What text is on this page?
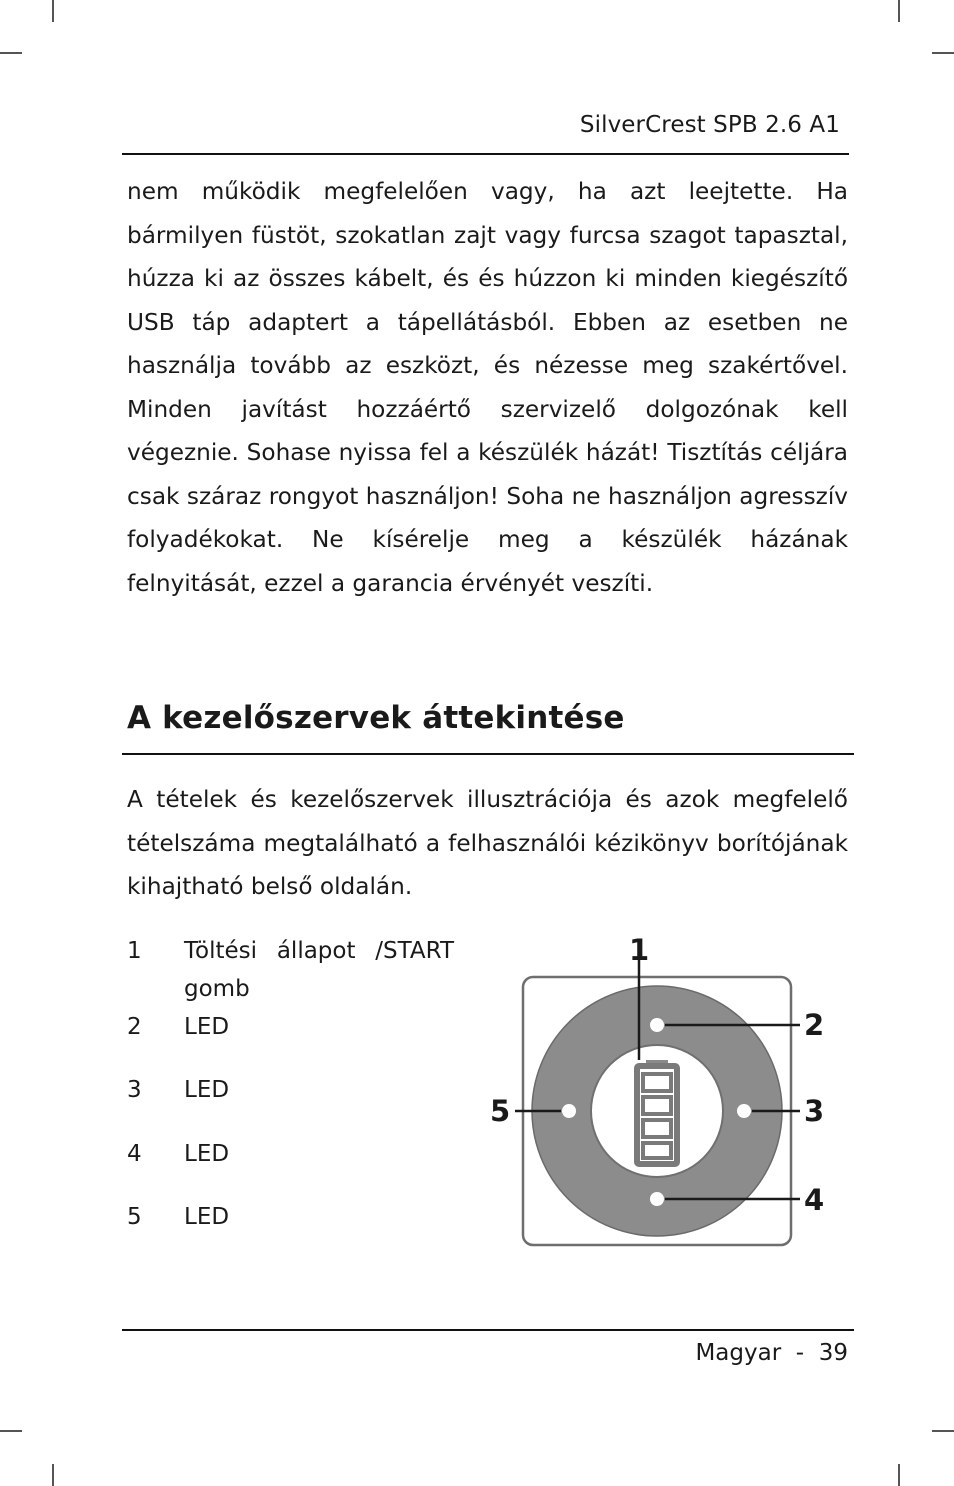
SilverCrest SPB 2.6 A1

nem működik megfelelően vagy, ha azt leejtette. Ha bármilyen füstöt, szokatlan zajt vagy furcsa szagot tapasztal, húzza ki az összes kábelt, és és húzzon ki minden kiegészítő USB táp adaptert a tápellátásból. Ebben az esetben ne használja tovább az eszközt, és nézesse meg szakértővel. Minden javítást hozzáértő szervizelő dolgozónak kell végeznie. Sohase nyissa fel a készülék házát! Tisztítás céljára csak száraz rongyot használjon! Soha ne használjon agresszív folyadékokat. Ne kísérelje meg a készülék házának felnyitását, ezzel a garancia érvényét veszíti.

A kezelőszervek áttekintése

A tételek és kezelőszervek illusztrációja és azok megfelelő tételszáma megtalálható a felhasználói kézikönyv borítójának kihajtható belső oldalán.

1 Töltési állapot /START gomb
2 LED
3 LED
4 LED
5 LED
1
2
3
4
5
Magyar - 39
